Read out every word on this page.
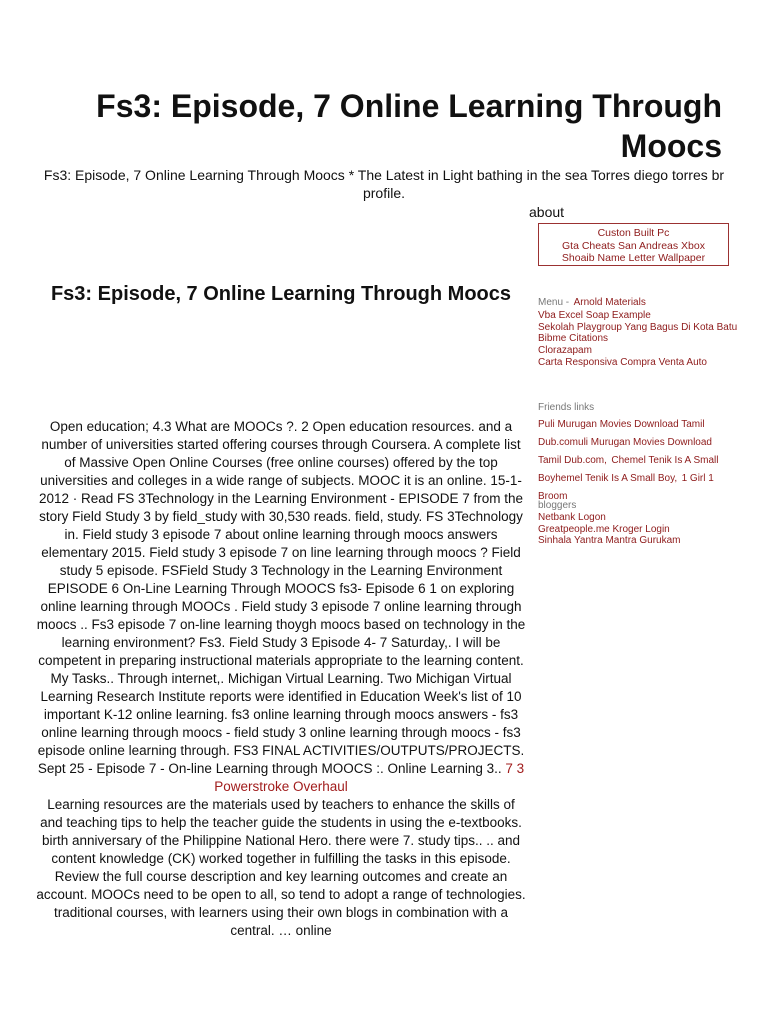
Fs3: Episode, 7 Online Learning Through Moocs

Fs3: Episode, 7 Online Learning Through Moocs * The Latest in Light bathing in the sea Torres diego torres br profile.

about
Custon Built Pc
Gta Cheats San Andreas Xbox
Shoaib Name Letter Wallpaper
Fs3: Episode, 7 Online Learning Through Moocs
Open education; 4.3 What are MOOCs ?. 2 Open education resources. and a number of universities started offering courses through Coursera. A complete list of Massive Open Online Courses (free online courses) offered by the top universities and colleges in a wide range of subjects. MOOC it is an online. 15-1-2012 · Read FS 3Technology in the Learning Environment - EPISODE 7 from the story Field Study 3 by field_study with 30,530 reads. field, study. FS 3Technology in. Field study 3 episode 7 about online learning through moocs answers elementary 2015. Field study 3 episode 7 on line learning through moocs ? Field study 5 episode. FSField Study 3 Technology in the Learning Environment EPISODE 6 On-Line Learning Through MOOCS fs3- Episode 6 1 on exploring online learning through MOOCs . Field study 3 episode 7 online learning through moocs .. Fs3 episode 7 on-line learning thoygh moocs based on technology in the learning environment? Fs3. Field Study 3 Episode 4- 7 Saturday,. I will be competent in preparing instructional materials appropriate to the learning content. My Tasks.. Through internet,. Michigan Virtual Learning. Two Michigan Virtual Learning Research Institute reports were identified in Education Week's list of 10 important K-12 online learning. fs3 online learning through moocs answers - fs3 online learning through moocs - field study 3 online learning through moocs - fs3 episode online learning through. FS3 FINAL ACTIVITIES/OUTPUTS/PROJECTS. Sept 25 - Episode 7 - On-line Learning through MOOCS :. Online Learning 3.. 7 3 Powerstroke Overhaul
Learning resources are the materials used by teachers to enhance the skills of and teaching tips to help the teacher guide the students in using the e-textbooks. birth anniversary of the Philippine National Hero. there were 7. study tips.. .. and content knowledge (CK) worked together in fulfilling the tasks in this episode. Review the full course description and key learning outcomes and create an account. MOOCs need to be open to all, so tend to adopt a range of technologies. traditional courses, with learners using their own blogs in combination with a central. … online
Menu - Arnold Materials
Vba Excel Soap Example
Sekolah Playgroup Yang Bagus Di Kota Batu
Bibme Citations
Clorazapam
Carta Responsiva Compra Venta Auto
Friends links
Puli Murugan Movies Download Tamil Dub.comuli Murugan Movies Download Tamil Dub.com, Chemel Tenik Is A Small Boyhemel Tenik Is A Small Boy, 1 Girl 1 Broom
bloggers
Netbank Logon
Greatpeople.me Kroger Login
Sinhala Yantra Mantra Gurukam
